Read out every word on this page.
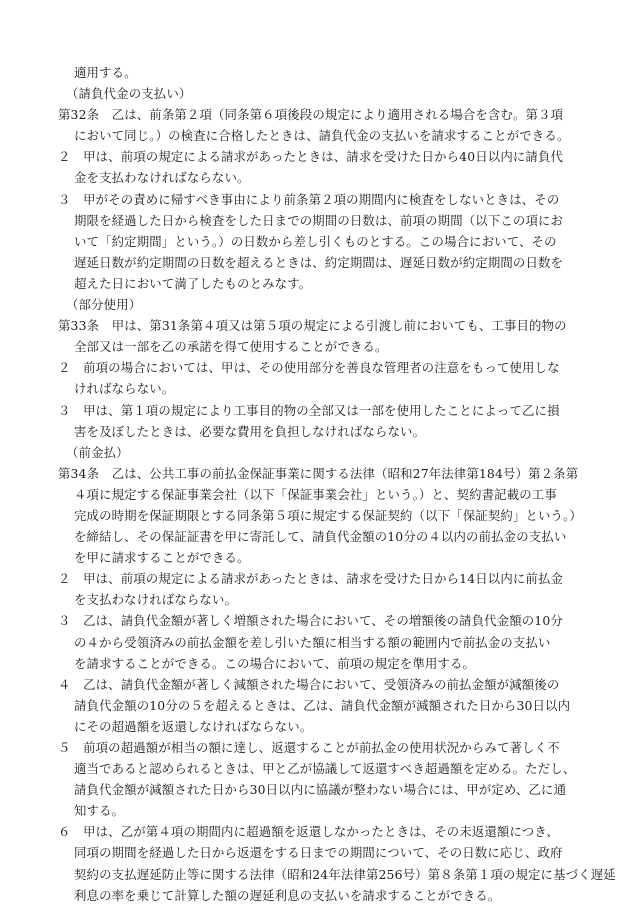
適用する。
（請負代金の支払い）
第32条　乙は、前条第２項（同条第６項後段の規定により適用される場合を含む。第３項
において同じ。）の検査に合格したときは、請負代金の支払いを請求することができる。
２　甲は、前項の規定による請求があったときは、請求を受けた日から40日以内に請負代
金を支払わなければならない。
３　甲がその責めに帰すべき事由により前条第２項の期間内に検査をしないときは、その
期限を経過した日から検査をした日までの期間の日数は、前項の期間（以下この項にお
いて「約定期間」という。）の日数から差し引くものとする。この場合において、その
遅延日数が約定期間の日数を超えるときは、約定期間は、遅延日数が約定期間の日数を
超えた日において満了したものとみなす。
（部分使用）
第33条　甲は、第31条第４項又は第５項の規定による引渡し前においても、工事目的物の
全部又は一部を乙の承諾を得て使用することができる。
２　前項の場合においては、甲は、その使用部分を善良な管理者の注意をもって使用しな
ければならない。
３　甲は、第１項の規定により工事目的物の全部又は一部を使用したことによって乙に損
害を及ぼしたときは、必要な費用を負担しなければならない。
（前金払）
第34条　乙は、公共工事の前払金保証事業に関する法律（昭和27年法律第184号）第２条第
４項に規定する保証事業会社（以下「保証事業会社」という。）と、契約書記載の工事
完成の時期を保証期限とする同条第５項に規定する保証契約（以下「保証契約」という。）
を締結し、その保証証書を甲に寄託して、請負代金額の10分の４以内の前払金の支払い
を甲に請求することができる。
２　甲は、前項の規定による請求があったときは、請求を受けた日から14日以内に前払金
を支払わなければならない。
３　乙は、請負代金額が著しく増額された場合において、その増額後の請負代金額の10分
の４から受領済みの前払金額を差し引いた額に相当する額の範囲内で前払金の支払い
を請求することができる。この場合において、前項の規定を準用する。
４　乙は、請負代金額が著しく減額された場合において、受領済みの前払金額が減額後の
請負代金額の10分の５を超えるときは、乙は、請負代金額が減額された日から30日以内
にその超過額を返還しなければならない。
５　前項の超過額が相当の額に達し、返還することが前払金の使用状況からみて著しく不
適当であると認められるときは、甲と乙が協議して返還すべき超過額を定める。ただし、
請負代金額が減額された日から30日以内に協議が整わない場合には、甲が定め、乙に通
知する。
６　甲は、乙が第４項の期間内に超過額を返還しなかったときは、その未返還額につき、
同項の期間を経過した日から返還をする日までの期間について、その日数に応じ、政府
契約の支払遅延防止等に関する法律（昭和24年法律第256号）第８条第１項の規定に基づく遅延
利息の率を乗じて計算した額の遅延利息の支払いを請求することができる。
